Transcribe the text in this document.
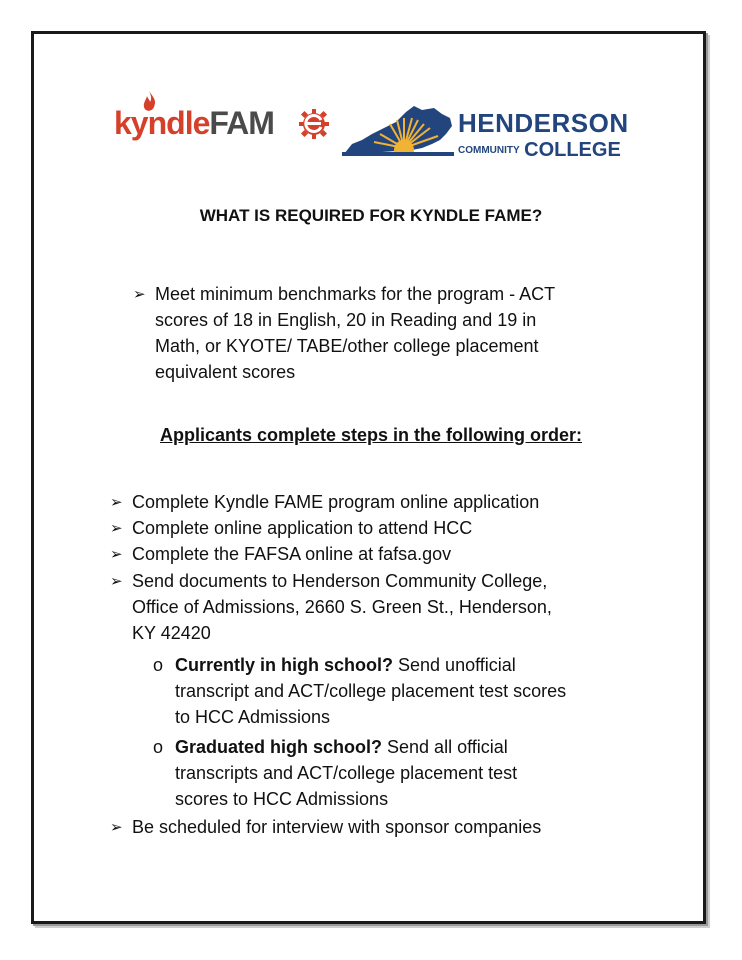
kyndleFAM	HENDERSON
COMMUNITY COLLEGE
WHAT IS REQUIRED FOR KYNDLE FAME?
➢ Meet minimum benchmarks for the program - ACT
scores of 18 in English, 20 in Reading and 19 in
Math, or KYOTE/ TABE/other college placement
equivalent scores
Applicants complete steps in the following order:
➢ Complete Kyndle FAME program online application
➢ Complete online application to attend HCC
➢ Complete the FAFSA online at fafsa.gov
➢ Send documents to Henderson Community College,
Office of Admissions, 2660 S. Green St., Henderson,
KY 42420
o Currently in high school? Send unofficial
transcript and ACT/college placement test scores
to HCC Admissions
o Graduated high school? Send all official
transcripts and ACT/college placement test
scores to HCC Admissions
➢ Be scheduled for interview with sponsor companies
